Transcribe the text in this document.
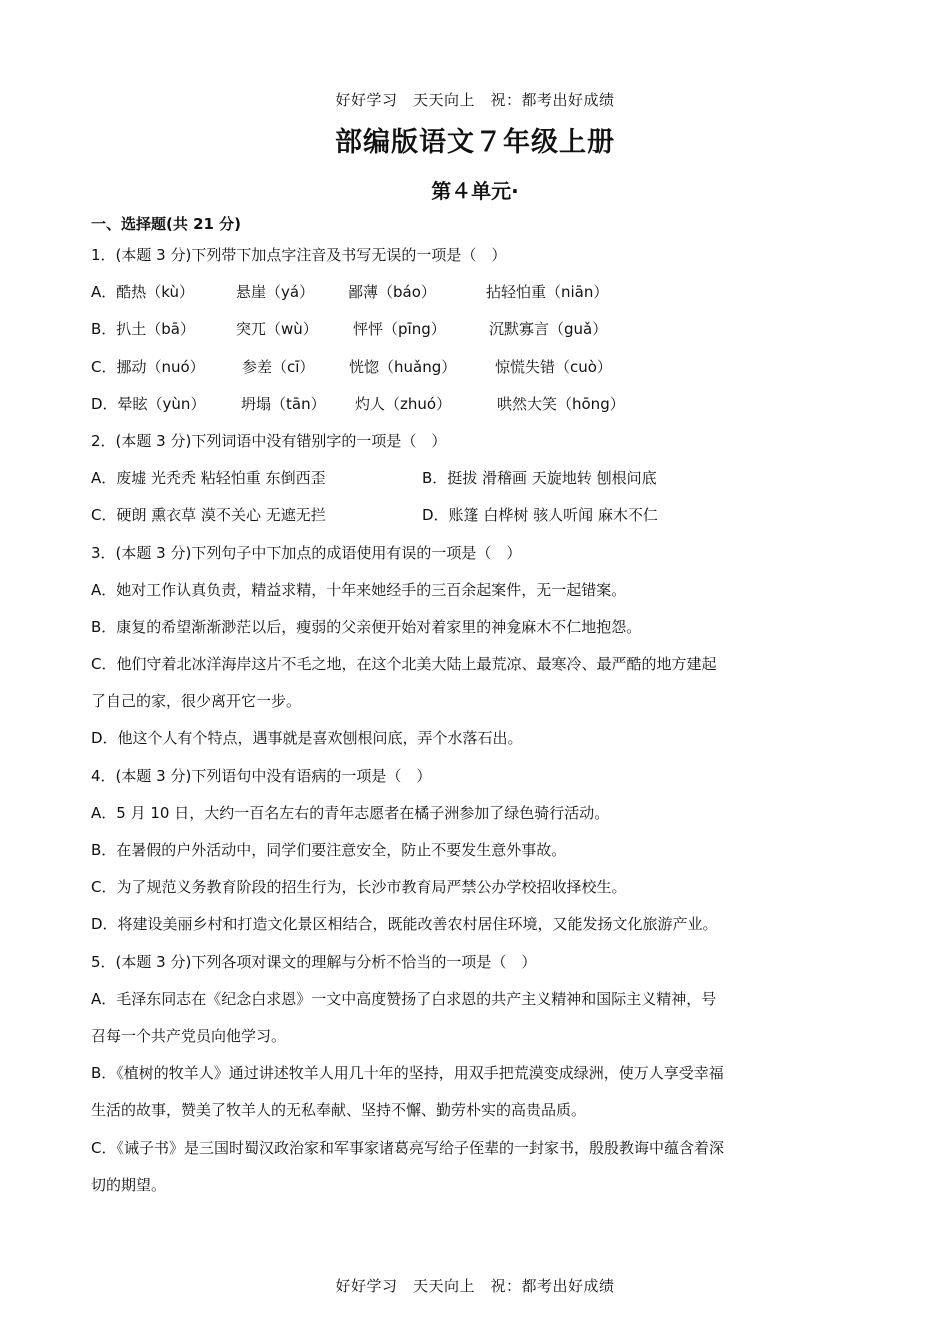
好好学习　天天向上　祝：都考出好成绩
部编版语文７年级上册
第４单元·
一、选择题(共 21 分)
1．(本题 3 分)下列带下加点字注音及书写无误的一项是（　）
A．酷热（kù）	悬崖（yá） 鄙薄（báo）	拈轻怕重（niān）
B．扒土（bā）	突兀（wù） 怦怦（pīng）	沉默寡言（guǎ）
C．挪动（nuó） 参差（cī） 恍惚（huǎng）	惊慌失错（cuò）
D．晕眩（yùn） 坍塌（tān） 灼人（zhuó）	哄然大笑（hōng）
2．(本题 3 分)下列词语中没有错别字的一项是（　）
A．废墟 光秃秃 粘轻怕重 东倒西歪	B．挺拔 滑稽画 天旋地转 刨根问底
C．硬朗 熏衣草 漠不关心 无遮无拦	D．账篷 白桦树 骇人听闻 麻木不仁
3．(本题 3 分)下列句子中下加点的成语使用有误的一项是（　）
A．她对工作认真负责，精益求精，十年来她经手的三百余起案件，无一起错案。
B．康复的希望渐渐渺茫以后，瘦弱的父亲便开始对着家里的神龛麻木不仁地抱怨。
C．他们守着北冰洋海岸这片不毛之地，在这个北美大陆上最荒凉、最寒冷、最严酷的地方建起
了自己的家，很少离开它一步。
D．他这个人有个特点，遇事就是喜欢刨根问底，弄个水落石出。
4．(本题 3 分)下列语句中没有语病的一项是（　）
A．5 月 10 日，大约一百名左右的青年志愿者在橘子洲参加了绿色骑行活动。
B．在暑假的户外活动中，同学们要注意安全，防止不要发生意外事故。
C．为了规范义务教育阶段的招生行为，长沙市教育局严禁公办学校招收择校生。
D．将建设美丽乡村和打造文化景区相结合，既能改善农村居住环境，又能发扬文化旅游产业。
5．(本题 3 分)下列各项对课文的理解与分析不恰当的一项是（　）
A．毛泽东同志在《纪念白求恩》一文中高度赞扬了白求恩的共产主义精神和国际主义精神，号
召每一个共产党员向他学习。
B．《植树的牧羊人》通过讲述牧羊人用几十年的坚持，用双手把荒漠变成绿洲，使万人享受幸福
生活的故事，赞美了牧羊人的无私奉献、坚持不懈、勤劳朴实的高贵品质。
C．《诫子书》是三国时蜀汉政治家和军事家诸葛亮写给子侄辈的一封家书，殷殷教诲中蕴含着深
切的期望。
好好学习　天天向上　祝：都考出好成绩
